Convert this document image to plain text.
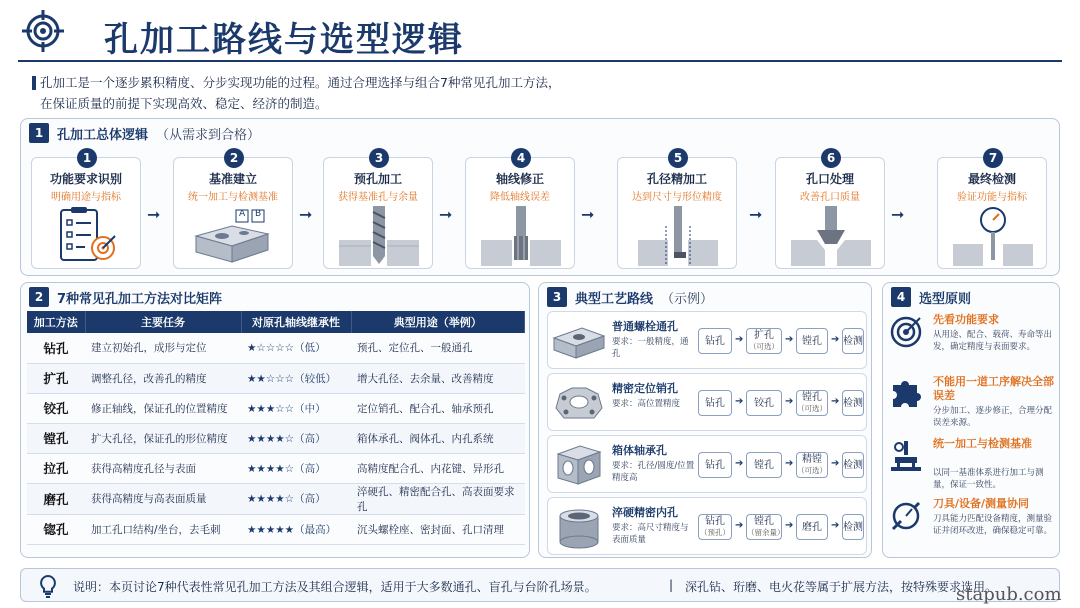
孔加工路线与选型逻辑
孔加工是一个逐步累积精度、分步实现功能的过程。通过合理选择与组合7种常见孔加工方法，
在保证质量的前提下实现高效、稳定、经济的制造。
1	孔加工总体逻辑 （从需求到合格）
1
功能要求识别
明确用途与指标
➞
2
基准建立
统一加工与检测基准
A B ➞
3
预孔加工
获得基准孔与余量
➞
4
轴线修正
降低轴线误差
➞
5
孔径精加工
达到尺寸与形位精度
➞
6
孔口处理
改善孔口质量
➞
7
最终检测
验证功能与指标
2	7种常见孔加工方法对比矩阵
加工方法	主要任务	对原孔轴线继承性	典型用途（举例）
钻孔	建立初始孔，成形与定位	★☆☆☆☆（低）	预孔、定位孔、一般通孔
扩孔	调整孔径，改善孔的精度	★★☆☆☆（较低）	增大孔径、去余量、改善精度
铰孔	修正轴线，保证孔的位置精度	★★★☆☆（中）	定位销孔、配合孔、轴承预孔
镗孔	扩大孔径，保证孔的形位精度	★★★★☆（高）	箱体承孔、阀体孔、内孔系统
拉孔	获得高精度孔径与表面	★★★★☆（高）	高精度配合孔、内花键、异形孔
磨孔	获得高精度与高表面质量	★★★★☆（高）	淬硬孔、精密配合孔、高表面要求孔
锪孔	加工孔口结构/坐台，去毛刺	★★★★★（最高）	沉头螺栓座、密封面、孔口清理
3	典型工艺路线 （示例）
普通螺栓通孔
要求：一般精度，通孔
钻孔 ➔ 扩孔
（可选）
➔ 镗孔 ➔ 检测
精密定位销孔
要求：高位置精度	钻孔 ➔ 铰孔 ➔ 镗孔
（可选）
➔ 检测
箱体轴承孔
要求：孔径/圆度/位置精度高
钻孔 ➔ 镗孔 ➔ 精镗
（可选）
➔ 检测
淬硬精密内孔
要求：高尺寸精度与表面质量
钻孔
（预孔）
➔ 镗孔
（留余量）
➔ 磨孔 ➔ 检测
4	选型原则
先看功能要求
从用途、配合、载荷、寿命等出发，确定精度与表面要求。
不能用一道工序解决全部误差
分步加工、逐步修正，合理分配误差来源。
统一加工与检测基准
以同一基准体系进行加工与测量，保证一致性。
刀具/设备/测量协同
刀具能力匹配设备精度，测量验证并闭环改进，确保稳定可靠。
说明：本页讨论7种代表性常见孔加工方法及其组合逻辑，适用于大多数通孔、盲孔与台阶孔场景。	| 深孔钻、珩磨、电火花等属于扩展方法，按特殊要求选用。
stapub.com
